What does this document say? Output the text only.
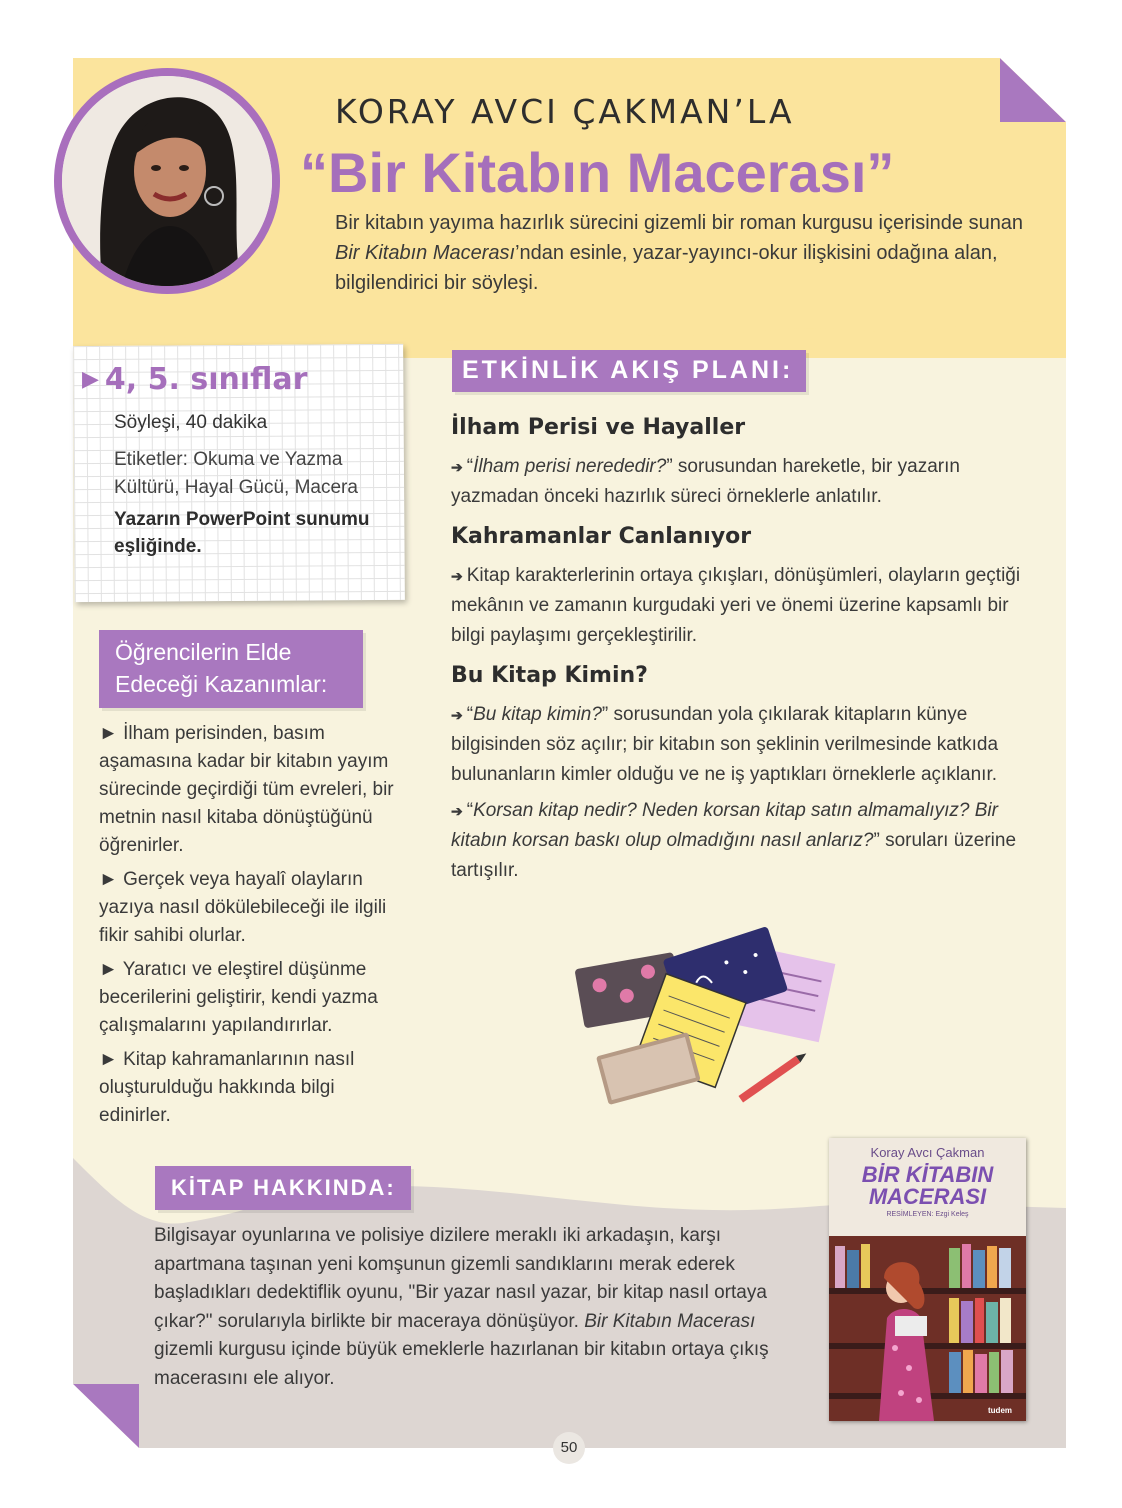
KORAY AVCI ÇAKMAN’LA
“Bir Kitabın Macerası”
Bir kitabın yayıma hazırlık sürecini gizemli bir roman kurgusu içerisinde sunan Bir Kitabın Macerası’ndan esinle, yazar-yayıncı-okur ilişkisini odağına alan, bilgilendirici bir söyleşi.
▶ 4, 5. sınıflar
Söyleşi, 40 dakika
Etiketler: Okuma ve Yazma Kültürü, Hayal Gücü, Macera
Yazarın PowerPoint sunumu eşliğinde.
Öğrencilerin Elde Edeceği Kazanımlar:
► İlham perisinden, basım aşamasına kadar bir kitabın yayım sürecinde geçirdiği tüm evreleri, bir metnin nasıl kitaba dönüştüğünü öğrenirler.
► Gerçek veya hayalî olayların yazıya nasıl dökülebileceği ile ilgili fikir sahibi olurlar.
► Yaratıcı ve eleştirel düşünme becerilerini geliştirir, kendi yazma çalışmalarını yapılandırırlar.
► Kitap kahramanlarının nasıl oluşturulduğu hakkında bilgi edinirler.
ETKİNLİK AKIŞ PLANI:
İlham Perisi ve Hayaller
➔ “İlham perisi nerededir?” sorusundan hareketle, bir yazarın yazmadan önceki hazırlık süreci örneklerle anlatılır.
Kahramanlar Canlanıyor
➔ Kitap karakterlerinin ortaya çıkışları, dönüşümleri, olayların geçtiği mekânın ve zamanın kurgudaki yeri ve önemi üzerine kapsamlı bir bilgi paylaşımı gerçekleştirilir.
Bu Kitap Kimin?
➔ “Bu kitap kimin?” sorusundan yola çıkılarak kitapların künye bilgisinden söz açılır; bir kitabın son şeklinin verilmesinde katkıda bulunanların kimler olduğu ve ne iş yaptıkları örneklerle açıklanır.
➔ “Korsan kitap nedir? Neden korsan kitap satın almamalıyız? Bir kitabın korsan baskı olup olmadığını nasıl anlarız?” soruları üzerine tartışılır.
KİTAP HAKKINDA:
Bilgisayar oyunlarına ve polisiye dizilere meraklı iki arkadaşın, karşı apartmana taşınan yeni komşunun gizemli sandıklarını merak ederek başladıkları dedektiflik oyunu, "Bir yazar nasıl yazar, bir kitap nasıl ortaya çıkar?" sorularıyla birlikte bir maceraya dönüşüyor. Bir Kitabın Macerası gizemli kurgusu içinde büyük emeklerle hazırlanan bir kitabın ortaya çıkış macerasını ele alıyor.
Koray Avcı Çakman
BİR KİTABIN
MACERASI
RESİMLEYEN: Ezgi Keleş
tudem
50
